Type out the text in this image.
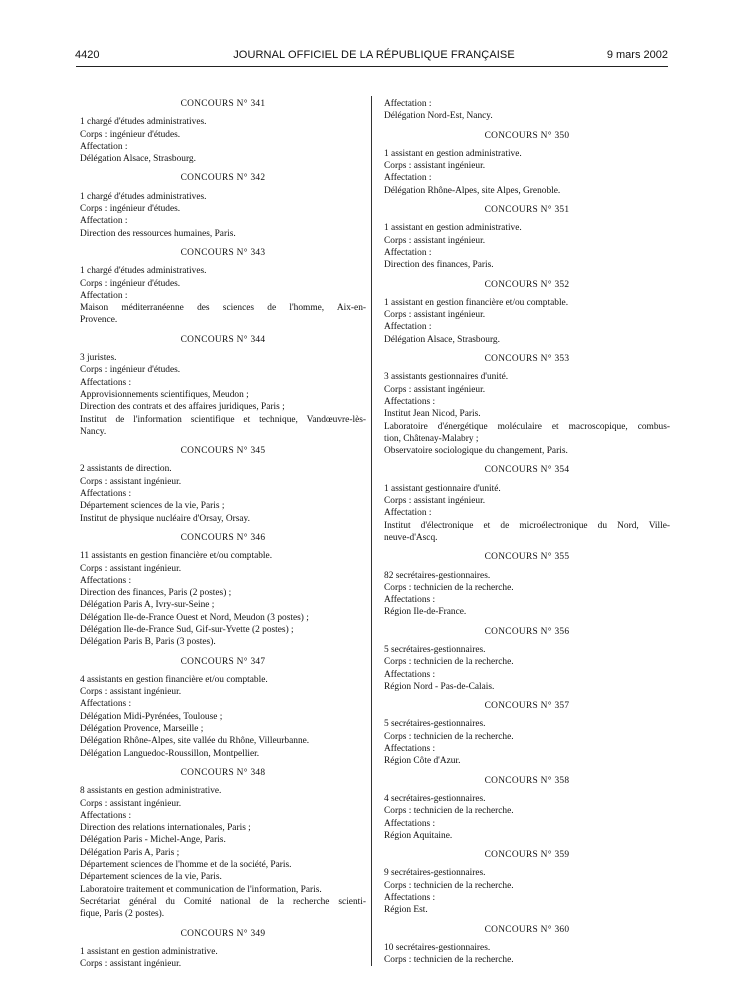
4420	JOURNAL OFFICIEL DE LA RÉPUBLIQUE FRANÇAISE	9 mars 2002
CONCOURS N° 341
1 chargé d'études administratives.
Corps : ingénieur d'études.
Affectation :
Délégation Alsace, Strasbourg.
CONCOURS N° 342
1 chargé d'études administratives.
Corps : ingénieur d'études.
Affectation :
Direction des ressources humaines, Paris.
CONCOURS N° 343
1 chargé d'études administratives.
Corps : ingénieur d'études.
Affectation :
Maison méditerranéenne des sciences de l'homme, Aix-en-
Provence.
CONCOURS N° 344
3 juristes.
Corps : ingénieur d'études.
Affectations :
Approvisionnements scientifiques, Meudon ;
Direction des contrats et des affaires juridiques, Paris ;
Institut de l'information scientifique et technique, Vandœuvre-lès-
Nancy.
CONCOURS N° 345
2 assistants de direction.
Corps : assistant ingénieur.
Affectations :
Département sciences de la vie, Paris ;
Institut de physique nucléaire d'Orsay, Orsay.
CONCOURS N° 346
11 assistants en gestion financière et/ou comptable.
Corps : assistant ingénieur.
Affectations :
Direction des finances, Paris (2 postes) ;
Délégation Paris A, Ivry-sur-Seine ;
Délégation Ile-de-France Ouest et Nord, Meudon (3 postes) ;
Délégation Ile-de-France Sud, Gif-sur-Yvette (2 postes) ;
Délégation Paris B, Paris (3 postes).
CONCOURS N° 347
4 assistants en gestion financière et/ou comptable.
Corps : assistant ingénieur.
Affectations :
Délégation Midi-Pyrénées, Toulouse ;
Délégation Provence, Marseille ;
Délégation Rhône-Alpes, site vallée du Rhône, Villeurbanne.
Délégation Languedoc-Roussillon, Montpellier.
CONCOURS N° 348
8 assistants en gestion administrative.
Corps : assistant ingénieur.
Affectations :
Direction des relations internationales, Paris ;
Délégation Paris - Michel-Ange, Paris.
Délégation Paris A, Paris ;
Département sciences de l'homme et de la société, Paris.
Département sciences de la vie, Paris.
Laboratoire traitement et communication de l'information, Paris.
Secrétariat général du Comité national de la recherche scienti-
fique, Paris (2 postes).
CONCOURS N° 349
1 assistant en gestion administrative.
Corps : assistant ingénieur.
Affectation :
Délégation Nord-Est, Nancy.
CONCOURS N° 350
1 assistant en gestion administrative.
Corps : assistant ingénieur.
Affectation :
Délégation Rhône-Alpes, site Alpes, Grenoble.
CONCOURS N° 351
1 assistant en gestion administrative.
Corps : assistant ingénieur.
Affectation :
Direction des finances, Paris.
CONCOURS N° 352
1 assistant en gestion financière et/ou comptable.
Corps : assistant ingénieur.
Affectation :
Délégation Alsace, Strasbourg.
CONCOURS N° 353
3 assistants gestionnaires d'unité.
Corps : assistant ingénieur.
Affectations :
Institut Jean Nicod, Paris.
Laboratoire d'énergétique moléculaire et macroscopique, combus-
tion, Châtenay-Malabry ;
Observatoire sociologique du changement, Paris.
CONCOURS N° 354
1 assistant gestionnaire d'unité.
Corps : assistant ingénieur.
Affectation :
Institut d'électronique et de microélectronique du Nord, Ville-
neuve-d'Ascq.
CONCOURS N° 355
82 secrétaires-gestionnaires.
Corps : technicien de la recherche.
Affectations :
Région Ile-de-France.
CONCOURS N° 356
5 secrétaires-gestionnaires.
Corps : technicien de la recherche.
Affectations :
Région Nord - Pas-de-Calais.
CONCOURS N° 357
5 secrétaires-gestionnaires.
Corps : technicien de la recherche.
Affectations :
Région Côte d'Azur.
CONCOURS N° 358
4 secrétaires-gestionnaires.
Corps : technicien de la recherche.
Affectations :
Région Aquitaine.
CONCOURS N° 359
9 secrétaires-gestionnaires.
Corps : technicien de la recherche.
Affectations :
Région Est.
CONCOURS N° 360
10 secrétaires-gestionnaires.
Corps : technicien de la recherche.
